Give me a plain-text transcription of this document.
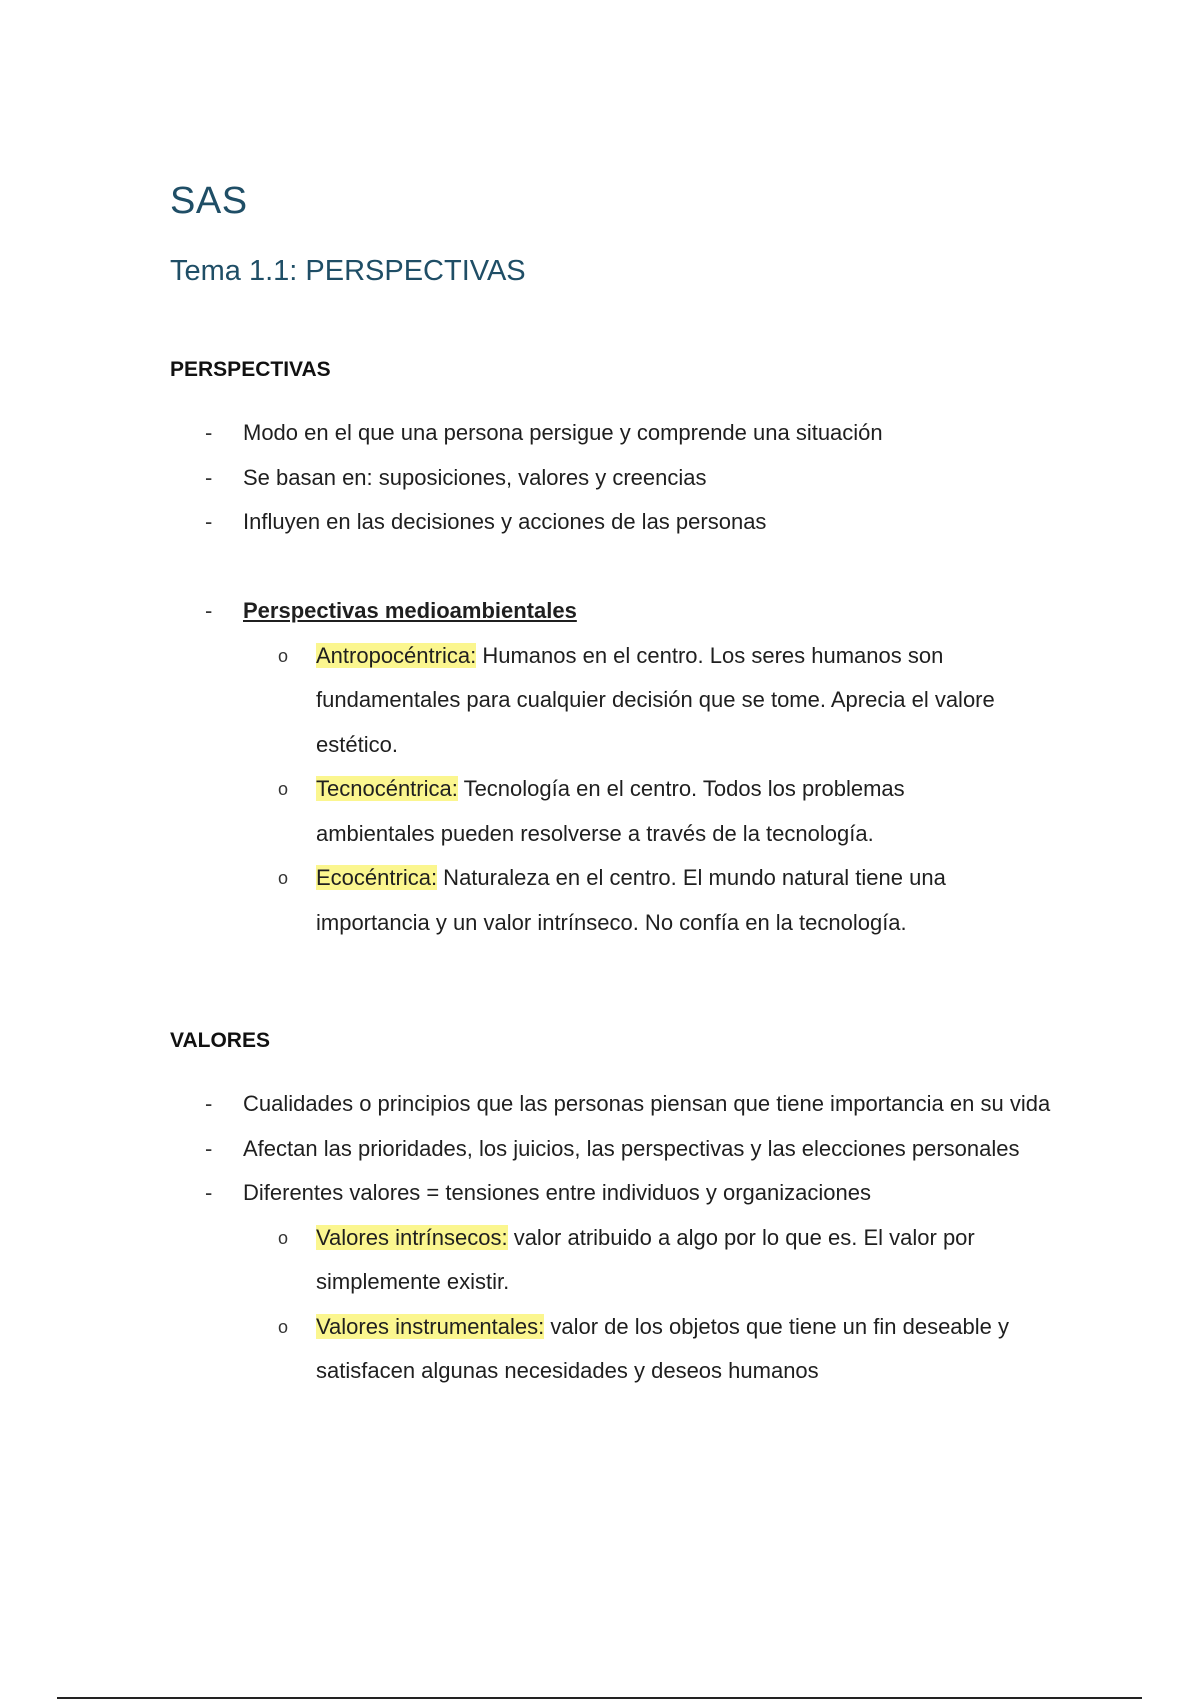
SAS
Tema 1.1: PERSPECTIVAS
PERSPECTIVAS
- Modo en el que una persona persigue y comprende una situación
- Se basan en: suposiciones, valores y creencias
- Influyen en las decisiones y acciones de las personas
- Perspectivas medioambientales
o Antropocéntrica: Humanos en el centro. Los seres humanos son fundamentales para cualquier decisión que se tome. Aprecia el valore estético.
o Tecnocéntrica: Tecnología en el centro. Todos los problemas ambientales pueden resolverse a través de la tecnología.
o Ecocéntrica: Naturaleza en el centro. El mundo natural tiene una importancia y un valor intrínseco. No confía en la tecnología.
VALORES
- Cualidades o principios que las personas piensan que tiene importancia en su vida
- Afectan las prioridades, los juicios, las perspectivas y las elecciones personales
- Diferentes valores = tensiones entre individuos y organizaciones
o Valores intrínsecos: valor atribuido a algo por lo que es. El valor por simplemente existir.
o Valores instrumentales: valor de los objetos que tiene un fin deseable y satisfacen algunas necesidades y deseos humanos
